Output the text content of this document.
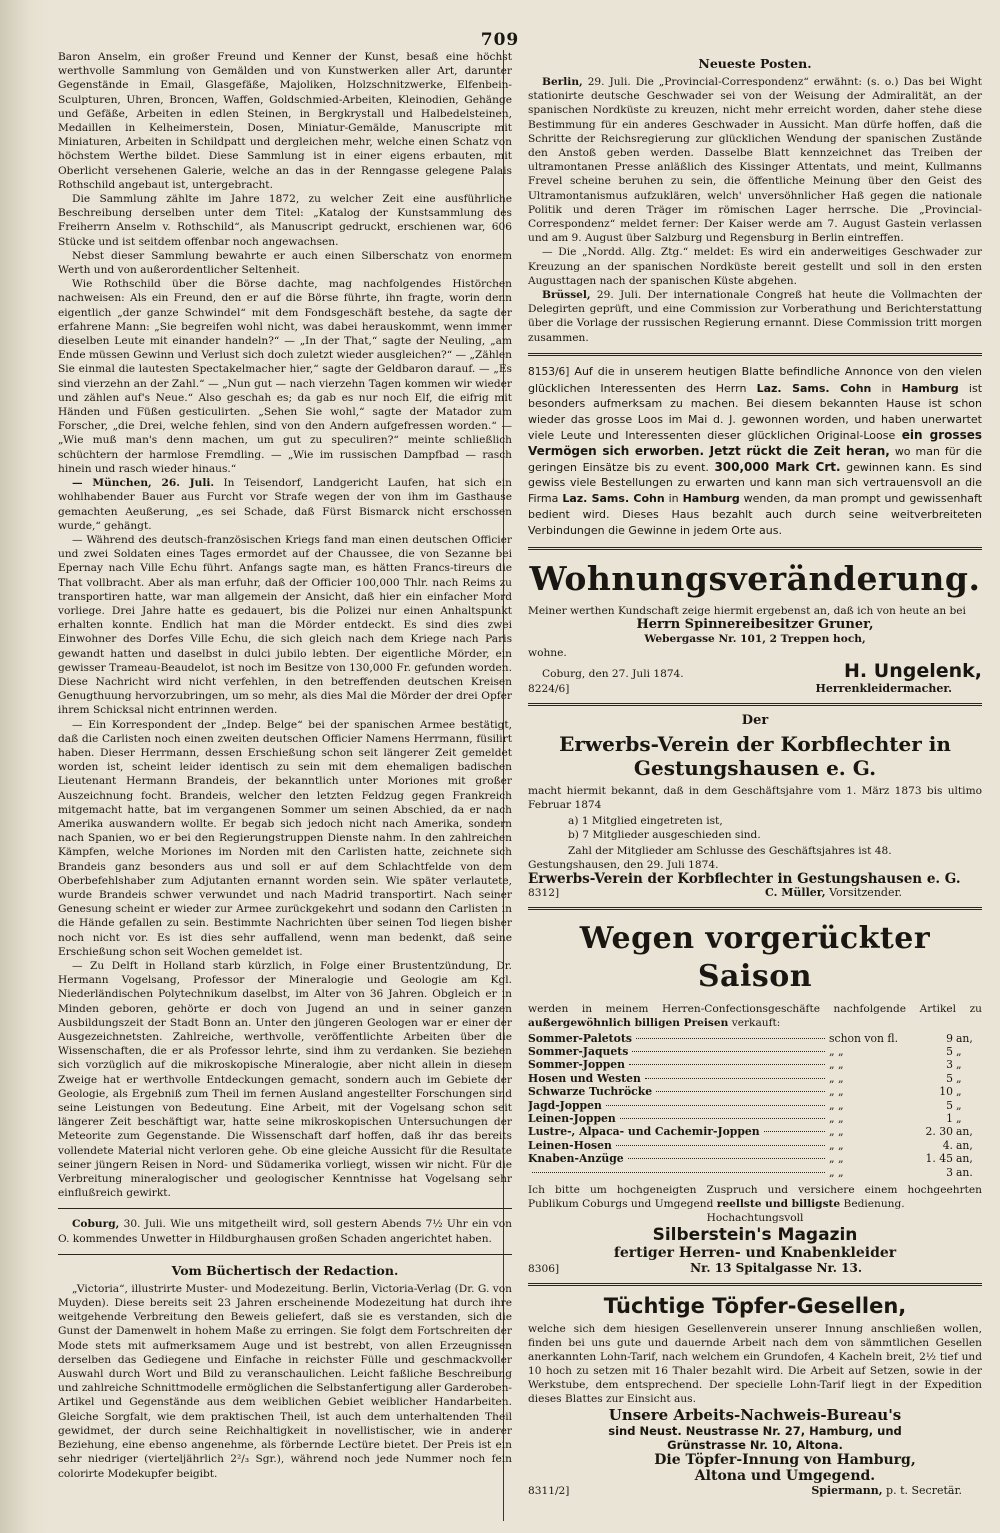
709

Baron Anselm, ein großer Freund und Kenner der Kunst, besaß eine höchst werthvolle Sammlung von Gemälden und von Kunstwerken aller Art, darunter Gegenstände in Email, Glasgefäße, Majoliken, Holzschnitzwerke, Elfenbein-Sculpturen, Uhren, Broncen, Waffen, Goldschmied-Arbeiten, Kleinodien, Gehänge und Gefäße, Arbeiten in edlen Steinen, in Bergkrystall und Halbedelsteinen, Medaillen in Kelheimerstein, Dosen, Miniatur-Gemälde, Manuscripte mit Miniaturen, Arbeiten in Schildpatt und dergleichen mehr, welche einen Schatz von höchstem Werthe bildet. Diese Sammlung ist in einer eigens erbauten, mit Oberlicht versehenen Galerie, welche an das in der Renngasse gelegene Palais Rothschild angebaut ist, untergebracht.

Die Sammlung zählte im Jahre 1872, zu welcher Zeit eine ausführliche Beschreibung derselben unter dem Titel: „Katalog der Kunstsammlung des Freiherrn Anselm v. Rothschild“, als Manuscript gedruckt, erschienen war, 606 Stücke und ist seitdem offenbar noch angewachsen.

Nebst dieser Sammlung bewahrte er auch einen Silberschatz von enormem Werth und von außerordentlicher Seltenheit.

Wie Rothschild über die Börse dachte, mag nachfolgendes Histörchen nachweisen: Als ein Freund, den er auf die Börse führte, ihn fragte, worin denn eigentlich „der ganze Schwindel“ mit dem Fondsgeschäft bestehe, da sagte der erfahrene Mann: „Sie begreifen wohl nicht, was dabei herauskommt, wenn immer dieselben Leute mit einander handeln?“ — „In der That,“ sagte der Neuling, „am Ende müssen Gewinn und Verlust sich doch zuletzt wieder ausgleichen?“ — „Zählen Sie einmal die lautesten Spectakelmacher hier,“ sagte der Geldbaron darauf. — „Es sind vierzehn an der Zahl.“ — „Nun gut — nach vierzehn Tagen kommen wir wieder und zählen auf's Neue.“ Also geschah es; da gab es nur noch Elf, die eifrig mit Händen und Füßen gesticulirten. „Sehen Sie wohl,“ sagte der Matador zum Forscher, „die Drei, welche fehlen, sind von den Andern aufgefressen worden.“ — „Wie muß man's denn machen, um gut zu speculiren?“ meinte schließlich schüchtern der harmlose Fremdling. — „Wie im russischen Dampfbad — rasch hinein und rasch wieder hinaus.“

— München, 26. Juli. In Teisendorf, Landgericht Laufen, hat sich ein wohlhabender Bauer aus Furcht vor Strafe wegen der von ihm im Gasthause gemachten Aeußerung, „es sei Schade, daß Fürst Bismarck nicht erschossen wurde,“ gehängt.

— Während des deutsch-französischen Kriegs fand man einen deutschen Officier und zwei Soldaten eines Tages ermordet auf der Chaussee, die von Sezanne bei Epernay nach Ville Echu führt. Anfangs sagte man, es hätten Francs-tireurs die That vollbracht. Aber als man erfuhr, daß der Officier 100,000 Thlr. nach Reims zu transportiren hatte, war man allgemein der Ansicht, daß hier ein einfacher Mord vorliege. Drei Jahre hatte es gedauert, bis die Polizei nur einen Anhaltspunkt erhalten konnte. Endlich hat man die Mörder entdeckt. Es sind dies zwei Einwohner des Dorfes Ville Echu, die sich gleich nach dem Kriege nach Paris gewandt hatten und daselbst in dulci jubilo lebten. Der eigentliche Mörder, ein gewisser Trameau-Beaudelot, ist noch im Besitze von 130,000 Fr. gefunden worden. Diese Nachricht wird nicht verfehlen, in den betreffenden deutschen Kreisen Genugthuung hervorzubringen, um so mehr, als dies Mal die Mörder der drei Opfer ihrem Schicksal nicht entrinnen werden.

— Ein Korrespondent der „Indep. Belge“ bei der spanischen Armee bestätigt, daß die Carlisten noch einen zweiten deutschen Officier Namens Herrmann, füsilirt haben. Dieser Herrmann, dessen Erschießung schon seit längerer Zeit gemeldet worden ist, scheint leider identisch zu sein mit dem ehemaligen badischen Lieutenant Hermann Brandeis, der bekanntlich unter Moriones mit großer Auszeichnung focht. Brandeis, welcher den letzten Feldzug gegen Frankreich mitgemacht hatte, bat im vergangenen Sommer um seinen Abschied, da er nach Amerika auswandern wollte. Er begab sich jedoch nicht nach Amerika, sondern nach Spanien, wo er bei den Regierungstruppen Dienste nahm. In den zahlreichen Kämpfen, welche Moriones im Norden mit den Carlisten hatte, zeichnete sich Brandeis ganz besonders aus und soll er auf dem Schlachtfelde von dem Oberbefehlshaber zum Adjutanten ernannt worden sein. Wie später verlautete, wurde Brandeis schwer verwundet und nach Madrid transportirt. Nach seiner Genesung scheint er wieder zur Armee zurückgekehrt und sodann den Carlisten in die Hände gefallen zu sein. Bestimmte Nachrichten über seinen Tod liegen bisher noch nicht vor. Es ist dies sehr auffallend, wenn man bedenkt, daß seine Erschießung schon seit Wochen gemeldet ist.

— Zu Delft in Holland starb kürzlich, in Folge einer Brustentzündung, Dr. Hermann Vogelsang, Professor der Mineralogie und Geologie am Kgl. Niederländischen Polytechnikum daselbst, im Alter von 36 Jahren. Obgleich er in Minden geboren, gehörte er doch von Jugend an und in seiner ganzen Ausbildungszeit der Stadt Bonn an. Unter den jüngeren Geologen war er einer der Ausgezeichnetsten. Zahlreiche, werthvolle, veröffentlichte Arbeiten über die Wissenschaften, die er als Professor lehrte, sind ihm zu verdanken. Sie beziehen sich vorzüglich auf die mikroskopische Mineralogie, aber nicht allein in diesem Zweige hat er werthvolle Entdeckungen gemacht, sondern auch im Gebiete der Geologie, als Ergebniß zum Theil im fernen Ausland angestellter Forschungen sind seine Leistungen von Bedeutung. Eine Arbeit, mit der Vogelsang schon seit längerer Zeit beschäftigt war, hatte seine mikroskopischen Untersuchungen der Meteorite zum Gegenstande. Die Wissenschaft darf hoffen, daß ihr das bereits vollendete Material nicht verloren gehe. Ob eine gleiche Aussicht für die Resultate seiner jüngern Reisen in Nord- und Südamerika vorliegt, wissen wir nicht. Für die Verbreitung mineralogischer und geologischer Kenntnisse hat Vogelsang sehr einflußreich gewirkt.

Coburg, 30. Juli. Wie uns mitgetheilt wird, soll gestern Abends 7½ Uhr ein von O. kommendes Unwetter in Hildburghausen großen Schaden angerichtet haben.

Vom Büchertisch der Redaction.

„Victoria“, illustrirte Muster- und Modezeitung. Berlin, Victoria-Verlag (Dr. G. von Muyden). Diese bereits seit 23 Jahren erscheinende Modezeitung hat durch ihre weitgehende Verbreitung den Beweis geliefert, daß sie es verstanden, sich die Gunst der Damenwelt in hohem Maße zu erringen. Sie folgt dem Fortschreiten der Mode stets mit aufmerksamem Auge und ist bestrebt, von allen Erzeugnissen derselben das Gediegene und Einfache in reichster Fülle und geschmackvoller Auswahl durch Wort und Bild zu veranschaulichen. Leicht faßliche Beschreibung und zahlreiche Schnittmodelle ermöglichen die Selbstanfertigung aller Garderoben-Artikel und Gegenstände aus dem weiblichen Gebiet weiblicher Handarbeiten. Gleiche Sorgfalt, wie dem praktischen Theil, ist auch dem unterhaltenden Theil gewidmet, der durch seine Reichhaltigkeit in novellistischer, wie in anderer Beziehung, eine ebenso angenehme, als förbernde Lectüre bietet. Der Preis ist ein sehr niedriger (vierteljährlich 2²/₃ Sgr.), während noch jede Nummer noch fein colorirte Modekupfer beigibt.

Neueste Posten.

Berlin, 29. Juli. Die „Provincial-Correspondenz“ erwähnt: (s. o.) Das bei Wight stationirte deutsche Geschwader sei von der Weisung der Admiralität, an der spanischen Nordküste zu kreuzen, nicht mehr erreicht worden, daher stehe diese Bestimmung für ein anderes Geschwader in Aussicht. Man dürfe hoffen, daß die Schritte der Reichsregierung zur glücklichen Wendung der spanischen Zustände den Anstoß geben werden. Dasselbe Blatt kennzeichnet das Treiben der ultramontanen Presse anläßlich des Kissinger Attentats, und meint, Kullmanns Frevel scheine beruhen zu sein, die öffentliche Meinung über den Geist des Ultramontanismus aufzuklären, welch' unversöhnlicher Haß gegen die nationale Politik und deren Träger im römischen Lager herrsche. Die „Provincial-Correspondenz“ meldet ferner: Der Kaiser werde am 7. August Gastein verlassen und am 9. August über Salzburg und Regensburg in Berlin eintreffen.

— Die „Nordd. Allg. Ztg.“ meldet: Es wird ein anderweitiges Geschwader zur Kreuzung an der spanischen Nordküste bereit gestellt und soll in den ersten Augusttagen nach der spanischen Küste abgehen.

Brüssel, 29. Juli. Der internationale Congreß hat heute die Vollmachten der Delegirten geprüft, und eine Commission zur Vorberathung und Berichterstattung über die Vorlage der russischen Regierung ernannt. Diese Commission tritt morgen zusammen.

8153/6] Auf die in unserem heutigen Blatte befindliche Annonce von den vielen glücklichen Interessenten des Herrn Laz. Sams. Cohn in Hamburg ist besonders aufmerksam zu machen. Bei diesem bekannten Hause ist schon wieder das grosse Loos im Mai d. J. gewonnen worden, und haben unerwartet viele Leute und Interessenten dieser glücklichen Original-Loose ein grosses Vermögen sich erworben. Jetzt rückt die Zeit heran, wo man für die geringen Einsätze bis zu event. 300,000 Mark Crt. gewinnen kann. Es sind gewiss viele Bestellungen zu erwarten und kann man sich vertrauensvoll an die Firma Laz. Sams. Cohn in Hamburg wenden, da man prompt und gewissenhaft bedient wird. Dieses Haus bezahlt auch durch seine weitverbreiteten Verbindungen die Gewinne in jedem Orte aus.

Wohnungsveränderung.

Meiner werthen Kundschaft zeige hiermit ergebenst an, daß ich von heute an bei

Herrn Spinnereibesitzer Gruner,

Webergasse Nr. 101, 2 Treppen hoch,

wohne.

Coburg, den 27. Juli 1874.	H. Ungelenk,
8224/6]	Herrenkleidermacher.

Der

Erwerbs-Verein der Korbflechter in Gestungshausen e. G.

macht hiermit bekannt, daß in dem Geschäftsjahre vom 1. März 1873 bis ultimo Februar 1874

a) 1 Mitglied eingetreten ist,
b) 7 Mitglieder ausgeschieden sind.

Zahl der Mitglieder am Schlusse des Geschäftsjahres ist 48.

Gestungshausen, den 29. Juli 1874.

Erwerbs-Verein der Korbflechter in Gestungshausen e. G.

8312]	C. Müller, Vorsitzender.
Wegen vorgerückter Saison

werden in meinem Herren-Confectionsgeschäfte nachfolgende Artikel zu außergewöhnlich billigen Preisen verkauft:

Sommer-Paletots	schon von fl.	9 an,
Sommer-Jaquets	„ „	5 „
Sommer-Joppen	„ „	3 „
Hosen und Westen	„ „	5 „
Schwarze Tuchröcke	„ „	10 „
Jagd-Joppen	„ „	5 „
Leinen-Joppen	„ „	1 „
Lustre-, Alpaca- und Cachemir-Joppen	„ „	2. 30 an,
Leinen-Hosen	„ „	4. an,
Knaben-Anzüge	„ „	1. 45 an,
„ „	3 an.

Ich bitte um hochgeneigten Zuspruch und versichere einem hochgeehrten Publikum Coburgs und Umgegend reellste und billigste Bedienung.

Hochachtungsvoll

Silberstein's Magazin
fertiger Herren- und Knabenkleider
8306]	Nr. 13 Spitalgasse Nr. 13.
Tüchtige Töpfer-Gesellen,

welche sich dem hiesigen Gesellenverein unserer Innung anschließen wollen, finden bei uns gute und dauernde Arbeit nach dem von sämmtlichen Gesellen anerkannten Lohn-Tarif, nach welchem ein Grundofen, 4 Kacheln breit, 2½ tief und 10 hoch zu setzen mit 16 Thaler bezahlt wird. Die Arbeit auf Setzen, sowie in der Werkstube, dem entsprechend. Der specielle Lohn-Tarif liegt in der Expedition dieses Blattes zur Einsicht aus.

Unsere Arbeits-Nachweis-Bureau's
sind Neust. Neustrasse Nr. 27, Hamburg, und
Grünstrasse Nr. 10, Altona.
Die Töpfer-Innung von Hamburg,
Altona und Umgegend.
8311/2]	Spiermann, p. t. Secretär.
